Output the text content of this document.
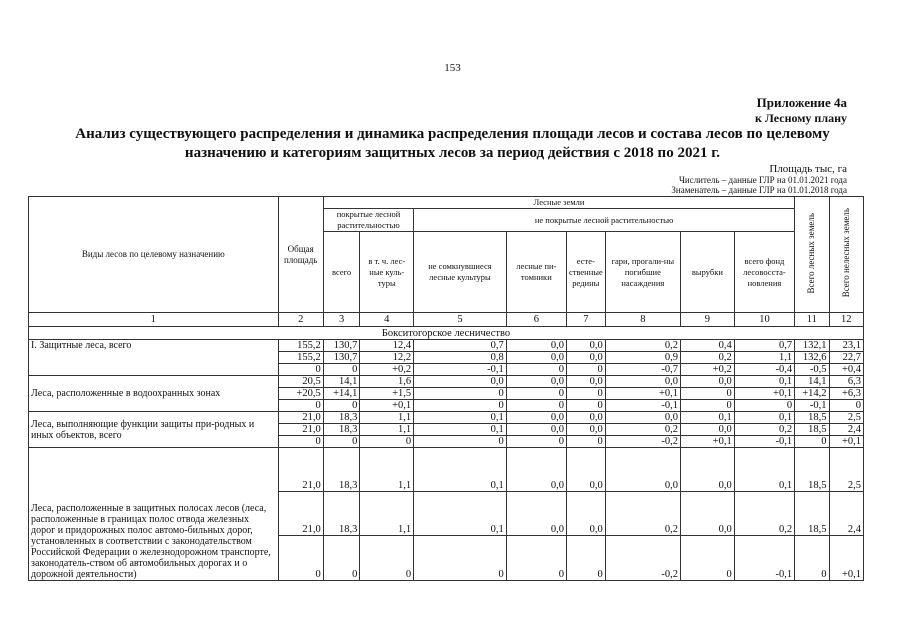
153
Приложение 4а
к Лесному плану
Анализ существующего распределения и динамика распределения площади лесов и состава лесов по целевому
назначению и категориям защитных лесов за период действия с 2018 по 2021 г.
Площадь тыс, га
Числитель – данные ГЛР на 01.01.2021 года
Знаменатель – данные ГЛР на 01.01.2018 года
Виды лесов по целевому назначению	Общая площадь	Лесные земли								Всего лесных земель	Всего нелесных земель
		покрытые лесной растительностью		не покрытые лесной растительностью							
		всего	в т. ч. лес-ные куль-туры	не сомкнувшиеся лесные культуры	лесные пи-томники	есте-ственные редины	гари, прогали-ны погибшие насаждения	вырубки	всего фонд лесовосста-новления		
1	2	3	4	5	6	7	8	9	10	11	12
Бокситогорское лесничество											
I. Защитные леса, всего	155,2	130,7	12,4	0,7	0,0	0,0	0,2	0,4	0,7	132,1	23,1
	155,2	130,7	12,2	0,8	0,0	0,0	0,9	0,2	1,1	132,6	22,7
	0	0	+0,2	-0,1	0	0	-0,7	+0,2	-0,4	-0,5	+0,4
Леса, расположенные в водоохранных зонах	20,5	14,1	1,6	0,0	0,0	0,0	0,0	0,0	0,1	14,1	6,3
	+20,5	+14,1	+1,5	0	0	0	+0,1	0	+0,1	+14,2	+6,3
	0	0	+0,1	0	0	0	-0,1	0	0	-0,1	0
Леса, выполняющие функции защиты при-родных и иных объектов, всего	21,0	18,3	1,1	0,1	0,0	0,0	0,0	0,1	0,1	18,5	2,5
	21,0	18,3	1,1	0,1	0,0	0,0	0,2	0,0	0,2	18,5	2,4
	0	0	0	0	0	0	-0,2	+0,1	-0,1	0	+0,1
Леса, расположенные в защитных полосах лесов (леса, расположенные в границах полос отвода железных дорог и придорожных полос автомо-бильных дорог, установленных в соответствии с законодательством Российской Федерации о железнодорожном транспорте, законодатель-ством об автомобильных дорогах и о дорожной деятельности)	21,0	18,3	1,1	0,1	0,0	0,0	0,0	0,0	0,1	18,5	2,5
	21,0	18,3	1,1	0,1	0,0	0,0	0,2	0,0	0,2	18,5	2,4
	0	0	0	0	0	0	-0,2	0	-0,1	0	+0,1
